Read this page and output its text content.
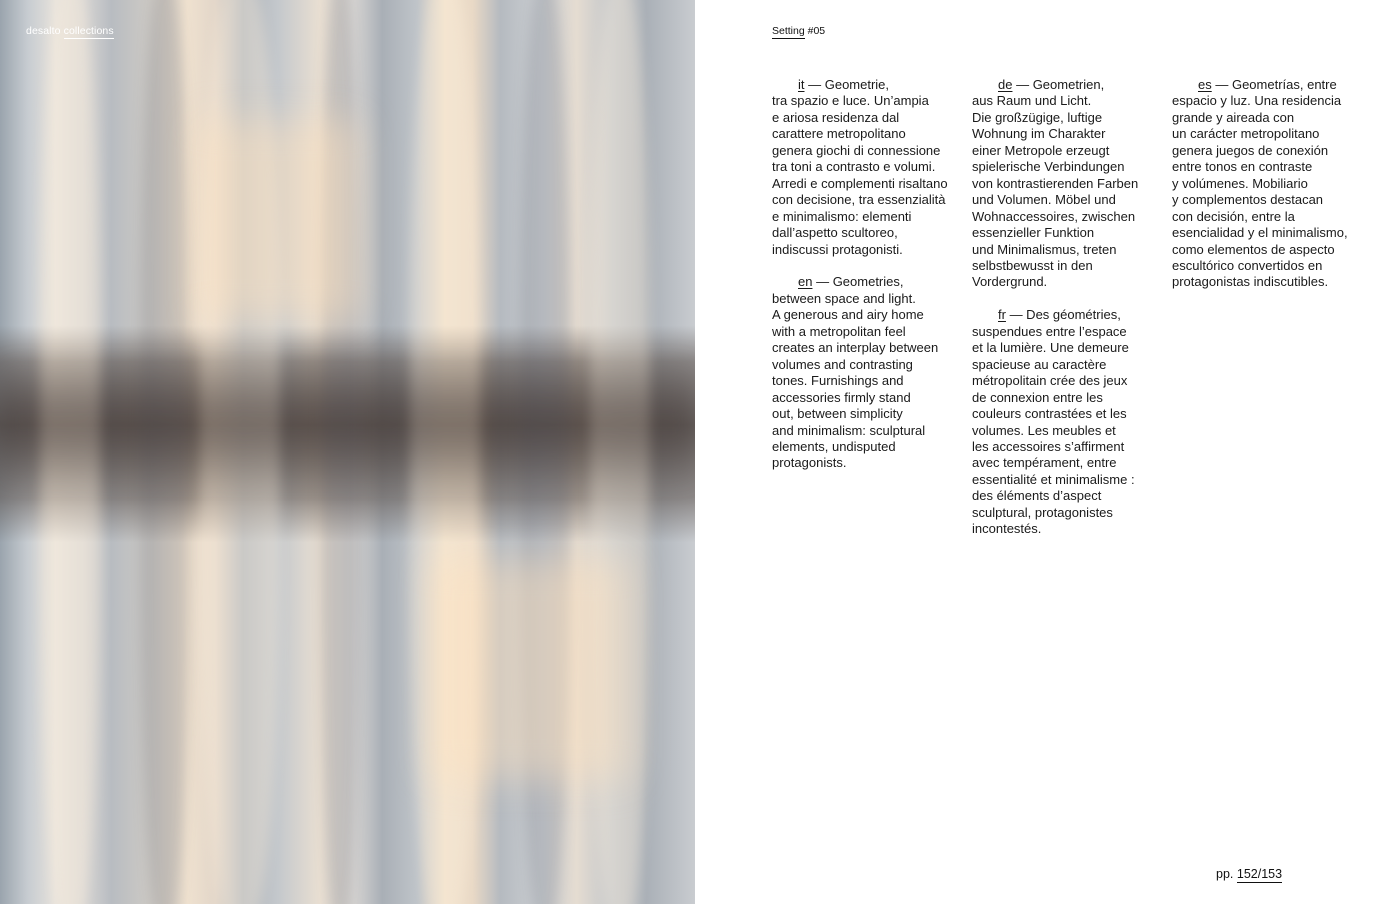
desalto collections	Setting #05
it — Geometrie,
tra spazio e luce. Un’ampia
e ariosa residenza dal
carattere metropolitano
genera giochi di connessione
tra toni a contrasto e volumi.
Arredi e complementi risaltano
con decisione, tra essenzialità
e minimalismo: elementi
dall’aspetto scultoreo,
indiscussi protagonisti.
en — Geometries,
between space and light.
A generous and airy home
with a metropolitan feel
creates an interplay between
volumes and contrasting
tones. Furnishings and
accessories firmly stand
out, between simplicity
and minimalism: sculptural
elements, undisputed
protagonists.
de — Geometrien,
aus Raum und Licht.
Die großzügige, luftige
Wohnung im Charakter
einer Metropole erzeugt
spielerische Verbindungen
von kontrastierenden Farben
und Volumen. Möbel und
Wohnaccessoires, zwischen
essenzieller Funktion
und Minimalismus, treten
selbstbewusst in den
Vordergrund.
fr — Des géométries,
suspendues entre l’espace
et la lumière. Une demeure
spacieuse au caractère
métropolitain crée des jeux
de connexion entre les
couleurs contrastées et les
volumes. Les meubles et
les accessoires s’affirment
avec tempérament, entre
essentialité et minimalisme :
des éléments d’aspect
sculptural, protagonistes
incontestés.
es — Geometrías, entre
espacio y luz. Una residencia
grande y aireada con
un carácter metropolitano
genera juegos de conexión
entre tonos en contraste
y volúmenes. Mobiliario
y complementos destacan
con decisión, entre la
esencialidad y el minimalismo,
como elementos de aspecto
escultórico convertidos en
protagonistas indiscutibles.
pp. 152/153
